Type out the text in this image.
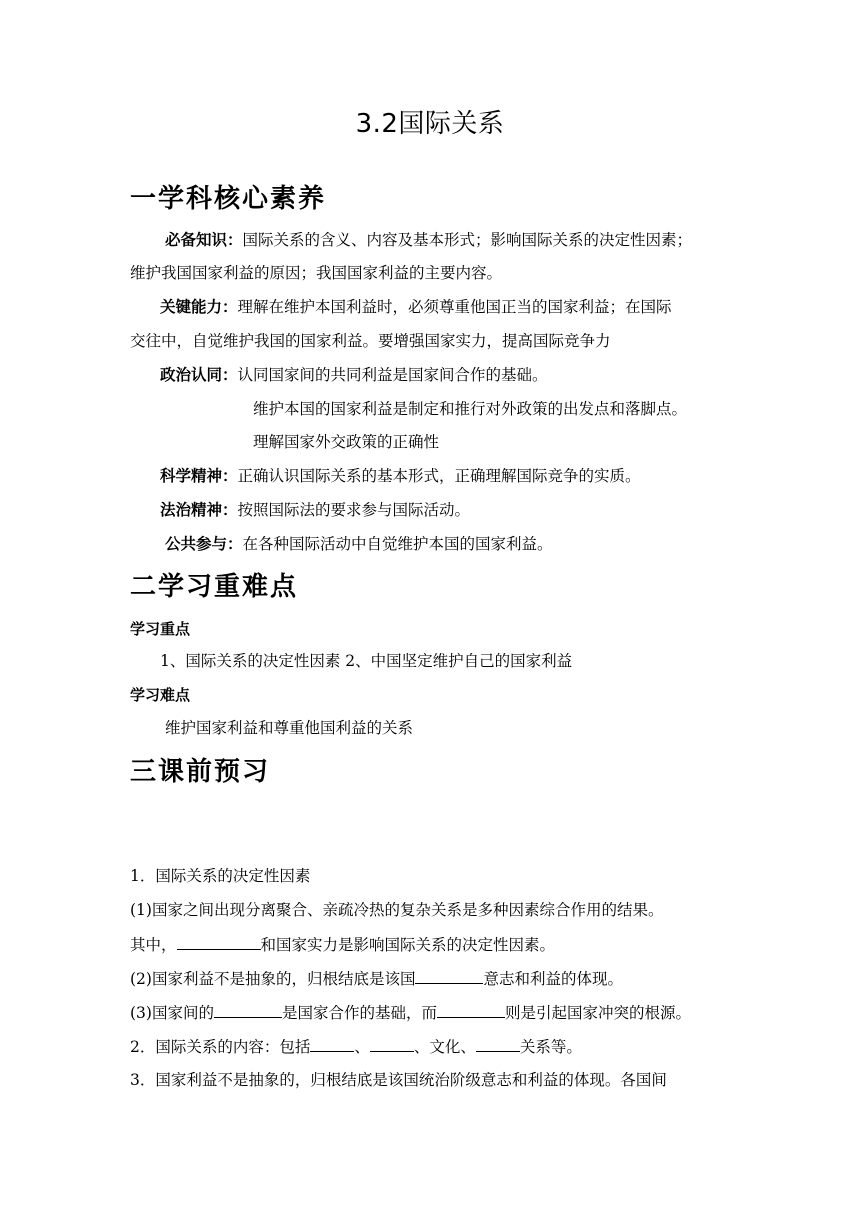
3.2国际关系
一学科核心素养
必备知识：国际关系的含义、内容及基本形式；影响国际关系的决定性因素；
维护我国国家利益的原因；我国国家利益的主要内容。
关键能力：理解在维护本国利益时，必须尊重他国正当的国家利益；在国际
交往中，自觉维护我国的国家利益。要增强国家实力，提高国际竞争力
政治认同：认同国家间的共同利益是国家间合作的基础。
维护本国的国家利益是制定和推行对外政策的出发点和落脚点。
理解国家外交政策的正确性
科学精神：正确认识国际关系的基本形式，正确理解国际竞争的实质。
法治精神：按照国际法的要求参与国际活动。
公共参与：在各种国际活动中自觉维护本国的国家利益。
二学习重难点
学习重点
1、国际关系的决定性因素 2、中国坚定维护自己的国家利益
学习难点
维护国家利益和尊重他国利益的关系
三课前预习
1．国际关系的决定性因素
(1)国家之间出现分离聚合、亲疏冷热的复杂关系是多种因素综合作用的结果。
其中，	和国家实力是影响国际关系的决定性因素。
(2)国家利益不是抽象的，归根结底是该国	意志和利益的体现。
(3)国家间的	是国家合作的基础，而	则是引起国家冲突的根源。
2．国际关系的内容：包括	、	、文化、	关系等。
3．国家利益不是抽象的，归根结底是该国统治阶级意志和利益的体现。各国间
